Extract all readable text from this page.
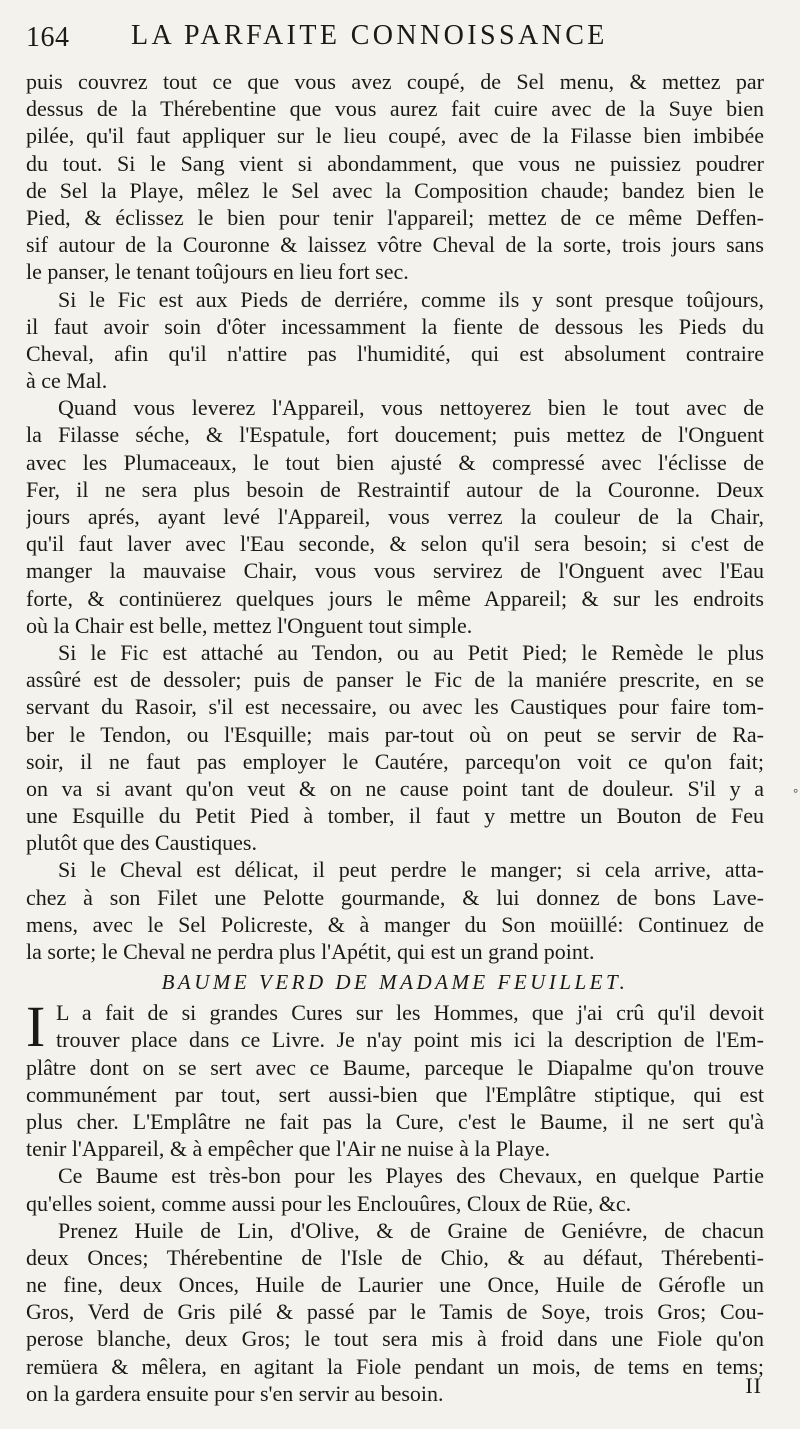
164 LA PARFAITE CONNOISSANCE
puis couvrez tout ce que vous avez coupé, de Sel menu, & mettez par
dessus de la Thérebentine que vous aurez fait cuire avec de la Suye bien
pilée, qu'il faut appliquer sur le lieu coupé, avec de la Filasse bien imbibée
du tout. Si le Sang vient si abondamment, que vous ne puissiez poudrer
de Sel la Playe, mêlez le Sel avec la Composition chaude; bandez bien le
Pied, & éclissez le bien pour tenir l'appareil; mettez de ce même Deffen-
sif autour de la Couronne & laissez vôtre Cheval de la sorte, trois jours sans
le panser, le tenant toûjours en lieu fort sec.
Si le Fic est aux Pieds de derriére, comme ils y sont presque toûjours,
il faut avoir soin d'ôter incessamment la fiente de dessous les Pieds du
Cheval, afin qu'il n'attire pas l'humidité, qui est absolument contraire
à ce Mal.
Quand vous leverez l'Appareil, vous nettoyerez bien le tout avec de
la Filasse séche, & l'Espatule, fort doucement; puis mettez de l'Onguent
avec les Plumaceaux, le tout bien ajusté & compressé avec l'éclisse de
Fer, il ne sera plus besoin de Restraintif autour de la Couronne. Deux
jours aprés, ayant levé l'Appareil, vous verrez la couleur de la Chair,
qu'il faut laver avec l'Eau seconde, & selon qu'il sera besoin; si c'est de
manger la mauvaise Chair, vous vous servirez de l'Onguent avec l'Eau
forte, & continüerez quelques jours le même Appareil; & sur les endroits
où la Chair est belle, mettez l'Onguent tout simple.
Si le Fic est attaché au Tendon, ou au Petit Pied; le Remède le plus
assûré est de dessoler; puis de panser le Fic de la maniére prescrite, en se
servant du Rasoir, s'il est necessaire, ou avec les Caustiques pour faire tom-
ber le Tendon, ou l'Esquille; mais par-tout où on peut se servir de Ra-
soir, il ne faut pas employer le Cautére, parcequ'on voit ce qu'on fait;
on va si avant qu'on veut & on ne cause point tant de douleur. S'il y a
une Esquille du Petit Pied à tomber, il faut y mettre un Bouton de Feu
plutôt que des Caustiques.
Si le Cheval est délicat, il peut perdre le manger; si cela arrive, atta-
chez à son Filet une Pelotte gourmande, & lui donnez de bons Lave-
mens, avec le Sel Policreste, & à manger du Son moüillé: Continuez de
la sorte; le Cheval ne perdra plus l'Apétit, qui est un grand point.
BAUME VERD DE MADAME FEUILLET.
I L a fait de si grandes Cures sur les Hommes, que j'ai crû qu'il devoit
trouver place dans ce Livre. Je n'ay point mis ici la description de l'Em-
plâtre dont on se sert avec ce Baume, parceque le Diapalme qu'on trouve
communément par tout, sert aussi-bien que l'Emplâtre stiptique, qui est
plus cher. L'Emplâtre ne fait pas la Cure, c'est le Baume, il ne sert qu'à
tenir l'Appareil, & à empêcher que l'Air ne nuise à la Playe.
Ce Baume est très-bon pour les Playes des Chevaux, en quelque Partie
qu'elles soient, comme aussi pour les Enclouûres, Cloux de Rüe, &c.
Prenez Huile de Lin, d'Olive, & de Graine de Geniévre, de chacun
deux Onces; Thérebentine de l'Isle de Chio, & au défaut, Thérebenti-
ne fine, deux Onces, Huile de Laurier une Once, Huile de Gérofle un
Gros, Verd de Gris pilé & passé par le Tamis de Soye, trois Gros; Cou-
perose blanche, deux Gros; le tout sera mis à froid dans une Fiole qu'on
remüera & mêlera, en agitant la Fiole pendant un mois, de tems en tems;
on la gardera ensuite pour s'en servir au besoin.
°
II
